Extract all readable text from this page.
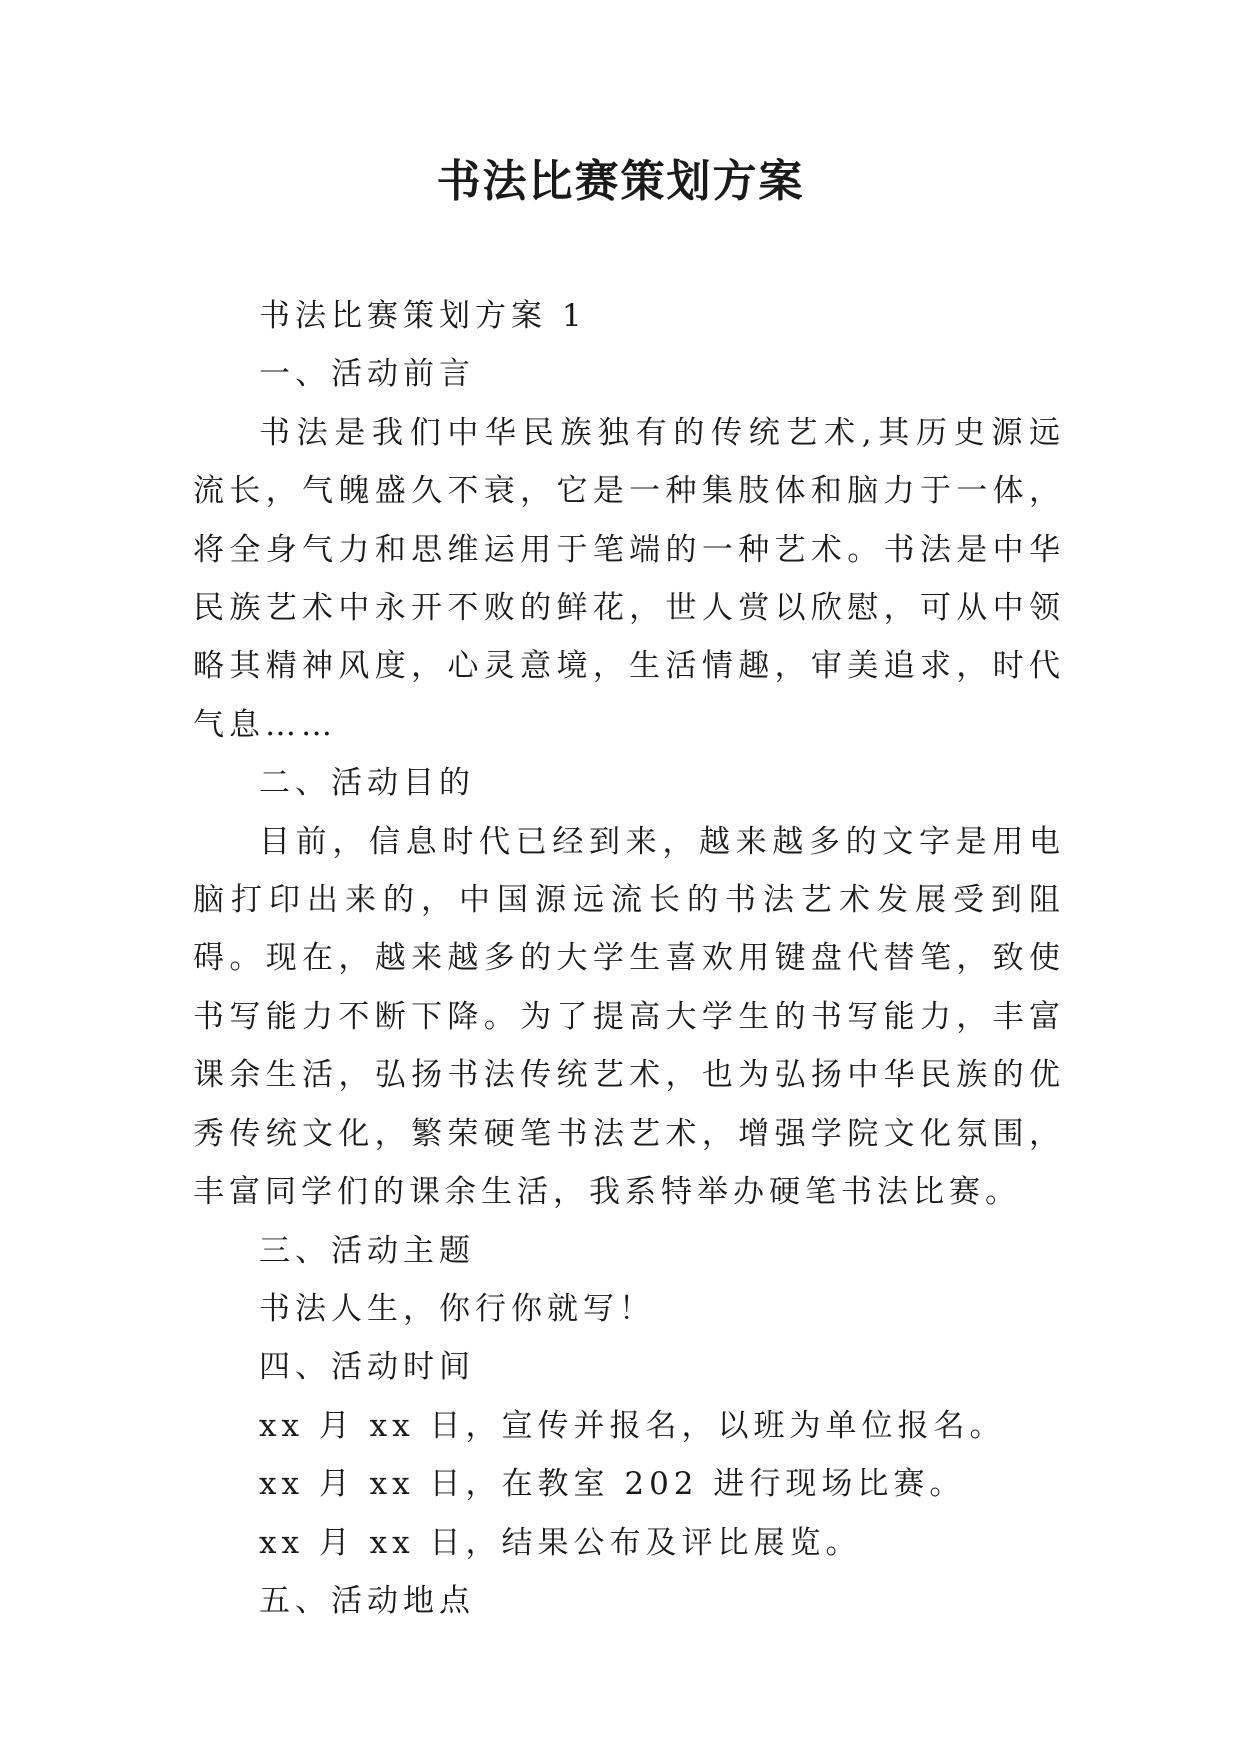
书法比赛策划方案

书法比赛策划方案 1

一、活动前言

书法是我们中华民族独有的传统艺术,其历史源远流长，气魄盛久不衰，它是一种集肢体和脑力于一体，将全身气力和思维运用于笔端的一种艺术。书法是中华民族艺术中永开不败的鲜花，世人赏以欣慰，可从中领略其精神风度，心灵意境，生活情趣，审美追求，时代气息……

二、活动目的

目前，信息时代已经到来，越来越多的文字是用电脑打印出来的，中国源远流长的书法艺术发展受到阻碍。现在，越来越多的大学生喜欢用键盘代替笔，致使书写能力不断下降。为了提高大学生的书写能力，丰富课余生活，弘扬书法传统艺术，也为弘扬中华民族的优秀传统文化，繁荣硬笔书法艺术，增强学院文化氛围，丰富同学们的课余生活，我系特举办硬笔书法比赛。

三、活动主题

书法人生，你行你就写！

四、活动时间

xx 月 xx 日，宣传并报名，以班为单位报名。

xx 月 xx 日，在教室 202 进行现场比赛。

xx 月 xx 日，结果公布及评比展览。

五、活动地点
